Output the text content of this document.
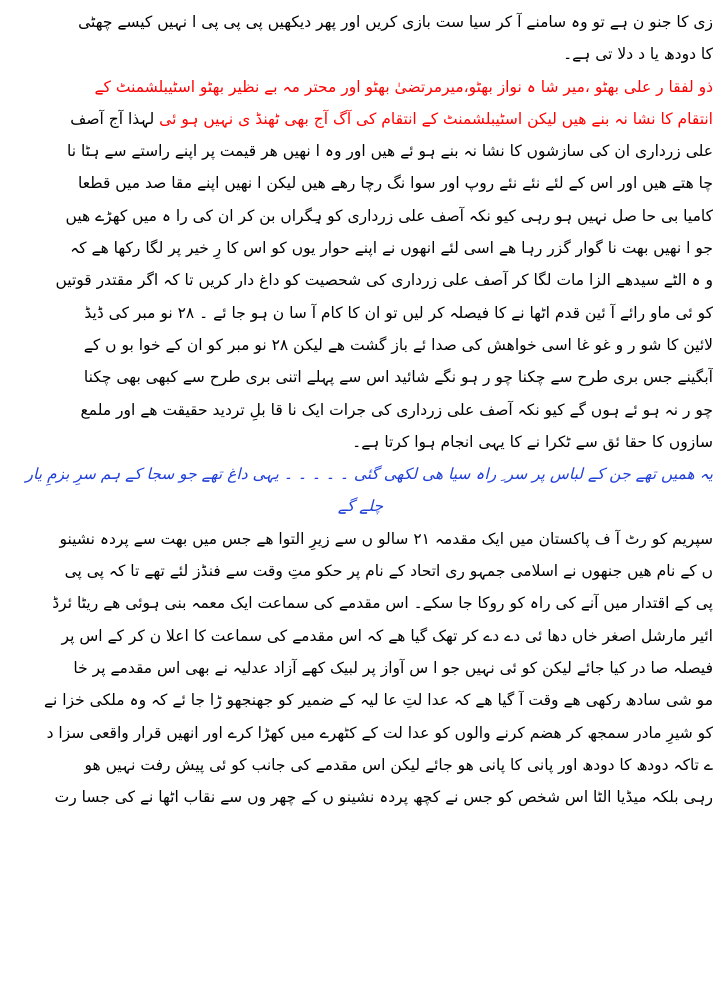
زی کا جنو ن ہے تو وہ سامنے آ کر سیا ست بازی کریں اور پھر دیکھیں پی پی پی ا نہیں کیسے چھٹی
کا دودھ یا د دلا تی ہے۔
ذو لفقا ر علی بھٹو ،میر شا ہ نواز بھٹو،میرمرتضیٰ بھٹو اور محتر مہ بے نظیر بھٹو اسٹیبلشمنٹ کے
انتقام کا نشا نہ بنے ھیں لیکن اسٹیبلشمنٹ کے انتقام کی آگ آج بھی ٹھنڈ ی نہیں ہو ئی لہذا آج آصف
علی زرداری ان کی سازشوں کا نشا نہ بنے ہو ئے ھیں اور وہ ا نھیں ھر قیمت پر اپنے راستے سے ہٹا نا
چا ھتے ھیں اور اس کے لئے نئے نئے روپ اور سوا نگ رچا رھے ھیں لیکن ا نھیں اپنے مقا صد میں قطعا
کامیا بی حا صل نہیں ہو رہی کیو نکہ آصف علی زرداری کو ہِگراں بن کر ان کی را ہ میں کھڑے ھیں
جو ا نھیں بھت نا گوار گزر رہا ھے اسی لئے انھوں نے اپنے حوار یوں کو اس کا رِ خیر پر لگا رکھا ھے کہ
و ہ الٹے سیدھے الزا مات لگا کر آصف علی زرداری کی شحصیت کو داغ دار کریں تا کہ اگر مقتدر قوتیں
کو ئی ماو رائے آ ئین قدم اٹھا نے کا فیصلہ کر لیں تو ان کا کام آ سا ن ہو جا ئے ۔ ۲۸ نو مبر کی ڈیڈ
لائین کا شو ر و غو غا اسی خواھش کی صدا ئے باز گشت ھے لیکن ۲۸ نو مبر کو ان کے خوا بو ں کے
آبگینے جس بری طرح سے چکنا چو ر ہو نگے شائید اس سے پہلے اتنی بری طرح سے کبھی بھی چکنا
چو ر نہ ہو ئے ہوں گے کیو نکہ آصف علی زرداری کی جرات ایک نا قا بلِ تردید حقیقت ھے اور ملمع
سازوں کا حقا ئق سے ٹکرا نے کا یہی انجام ہوا کرتا ہے۔
یہ ھمیں تھے جن کے لباس پر سر ِ راہ سیا ھی لکھی گئی ۔ ۔ ۔ ۔ ۔ یہی داغ تھے جو سجا کے ہم سرِ بزمِ یار
چلے گے
سپریم کو رٹ آ ف پاکستان میں ایک مقدمہ ۲۱ سالو ں سے زیرِ التوا ھے جس میں بھت سے پردہ نشینو
ں کے نام ھیں جنھوں نے اسلامی جمہو ری اتحاد کے نام پر حکو متِ وقت سے فنڈز لئے تھے تا کہ پی پی
پی کے اقتدار میں آنے کی راہ کو روکا جا سکے۔ اس مقدمے کی سماعت ایک معمہ بنی ہوئی ھے ریٹا ئرڈ
ائیر مارشل اصغر خاں دھا ئی دے دے کر تھک گیا ھے کہ اس مقدمے کی سماعت کا اعلا ن کر کے اس پر
فیصلہ صا در کیا جائے لیکن کو ئی نہیں جو ا س آواز پر لبیک کھے آزاد عدلیہ نے بھی اس مقدمے پر خا
مو شی سادھ رکھی ھے وقت آ گیا ھے کہ عدا لتِ عا لیہ کے ضمیر کو جھنجھو ڑا جا ئے کہ وہ ملکی خزا نے
کو شیرِ مادر سمجھ کر ھضم کرنے والوں کو عدا لت کے کٹھرے میں کھڑا کرے اور انھیں قرار واقعی سزا د
ے تاکہ دودھ کا دودھ اور پانی کا پانی ھو جائے لیکن اس مقدمے کی جانب کو ئی پیش رفت نہیں ھو
رہی بلکہ میڈیا الٹا اس شخص کو جس نے کچھ پردہ نشینو ں کے چھر وں سے نقاب اٹھا نے کی جسا رت
